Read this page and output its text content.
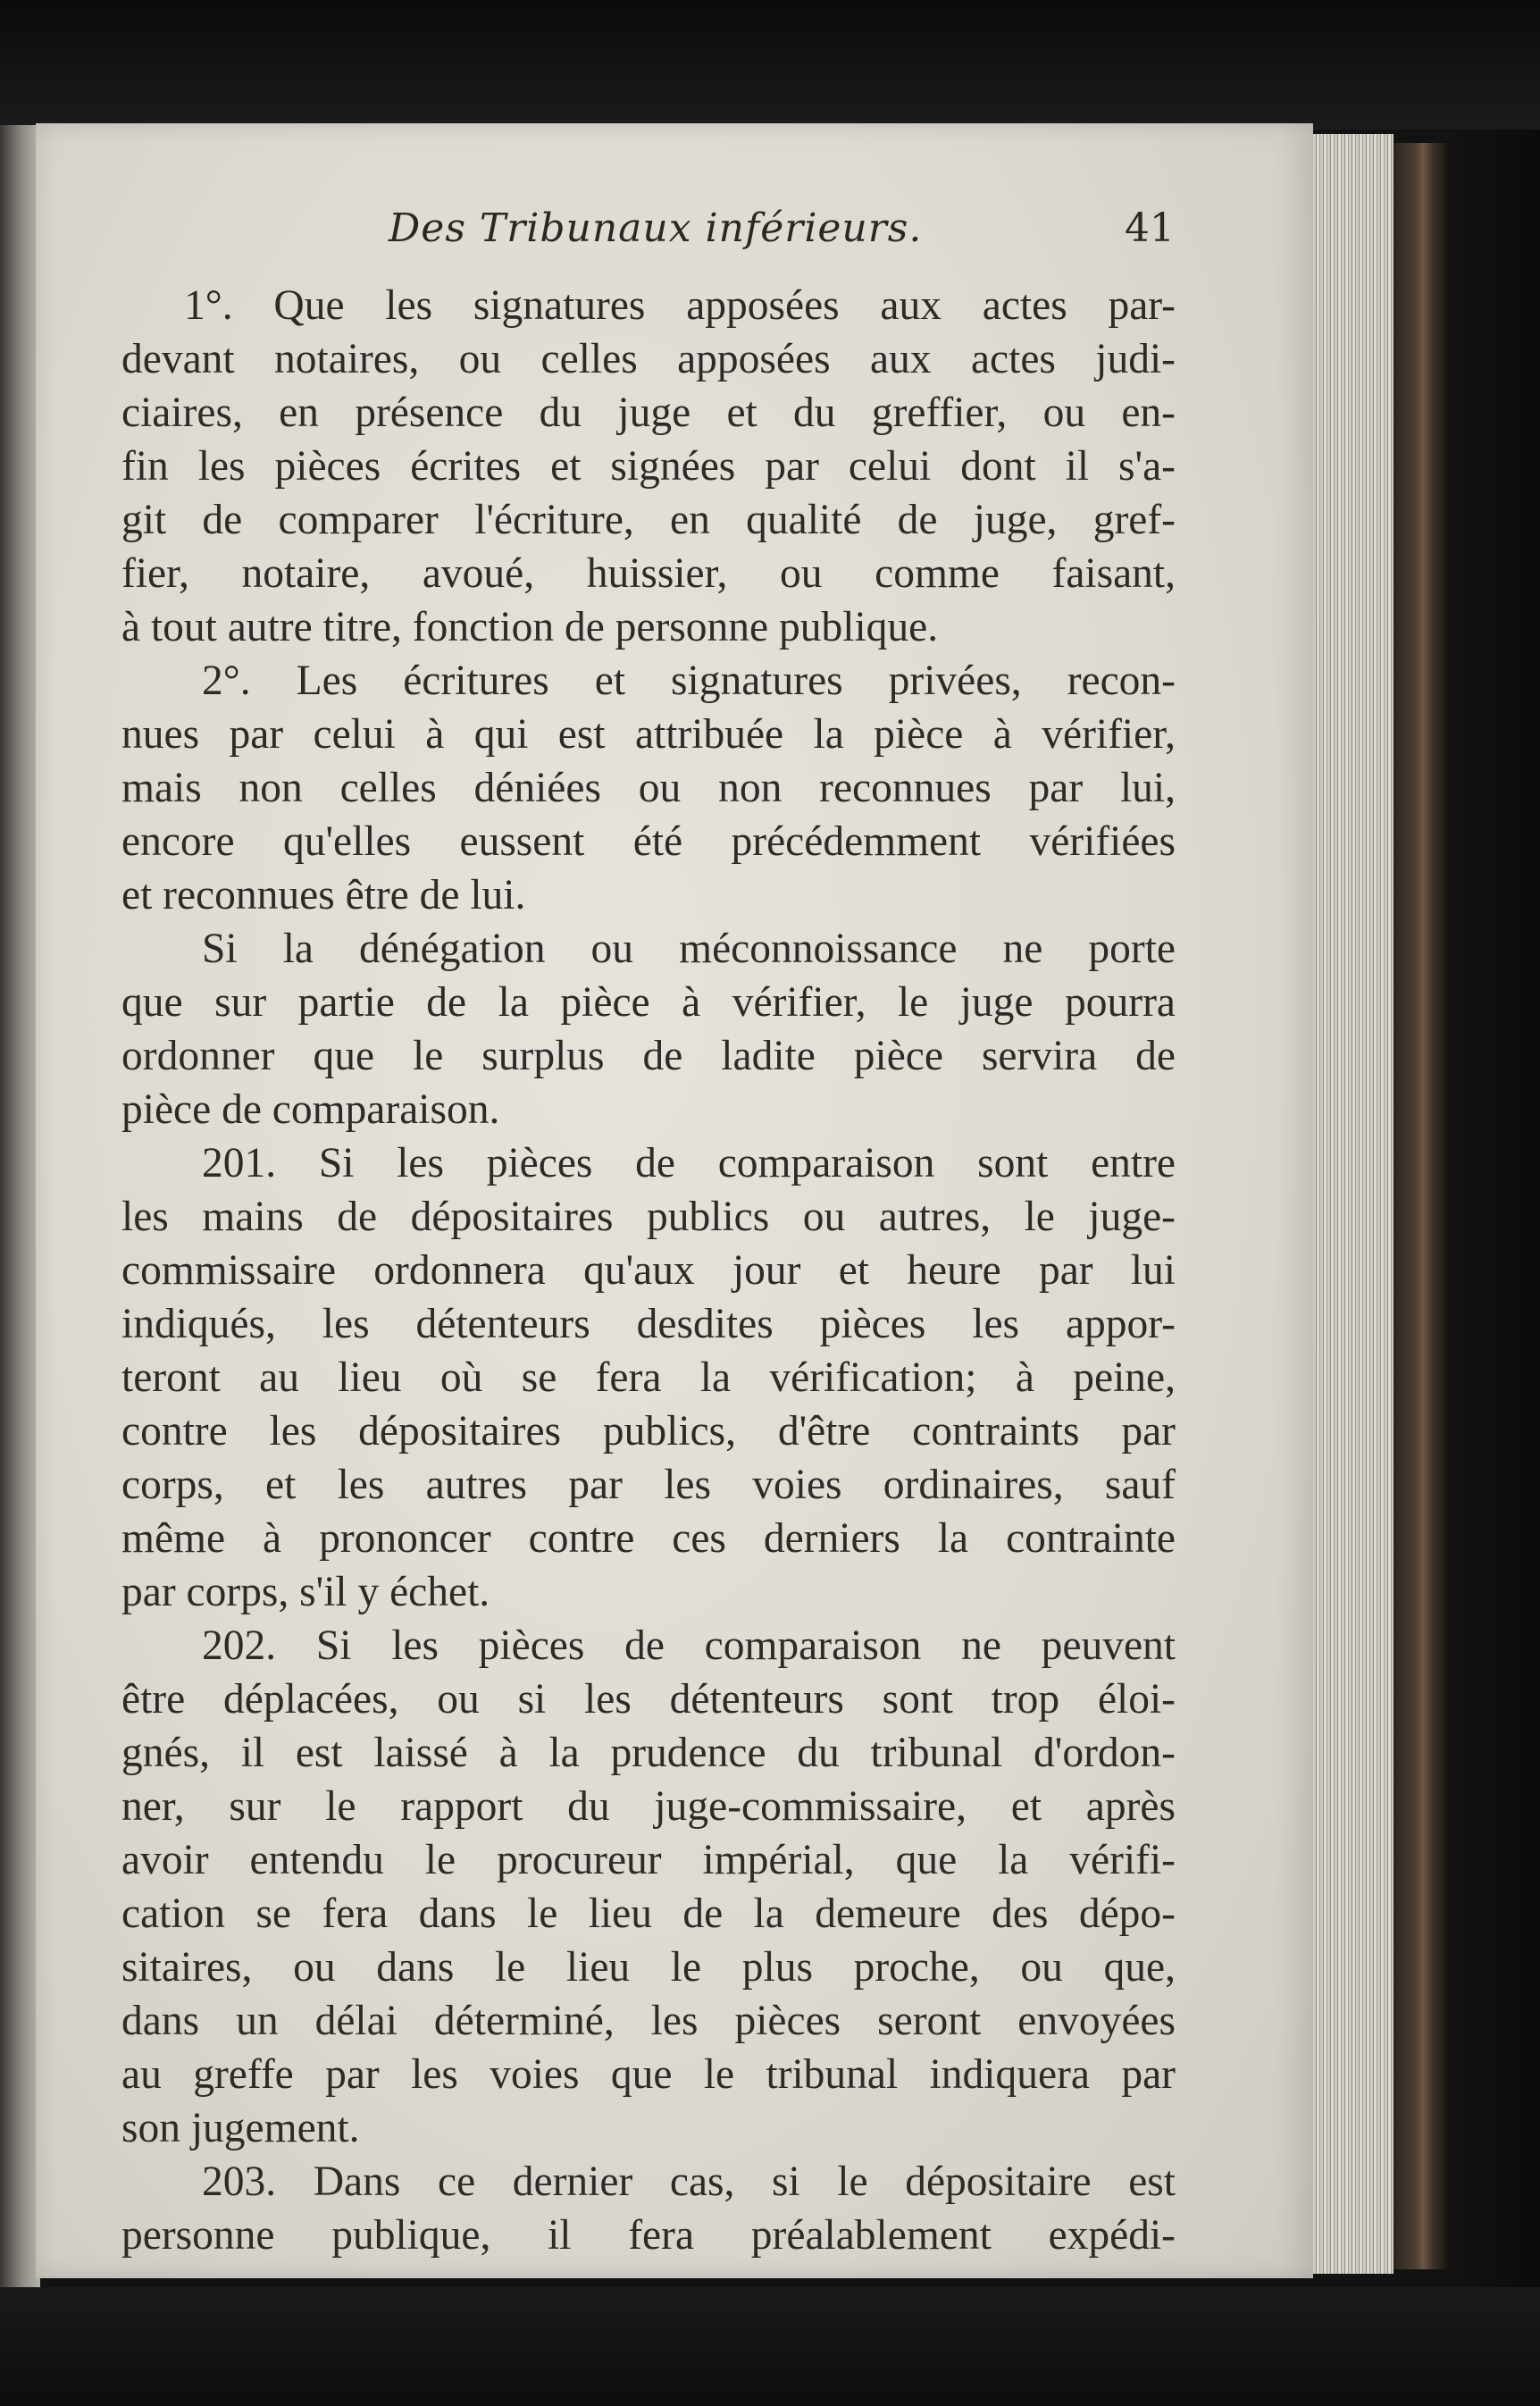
Des Tribunaux inférieurs.	41
1°. Que les signatures apposées aux actes par-
devant notaires, ou celles apposées aux actes judi-
ciaires, en présence du juge et du greffier, ou en-
fin les pièces écrites et signées par celui dont il s'a-
git de comparer l'écriture, en qualité de juge, gref-
fier, notaire, avoué, huissier, ou comme faisant,
à tout autre titre, fonction de personne publique.
2°. Les écritures et signatures privées, recon-
nues par celui à qui est attribuée la pièce à vérifier,
mais non celles déniées ou non reconnues par lui,
encore qu'elles eussent été précédemment vérifiées
et reconnues être de lui.
Si la dénégation ou méconnoissance ne porte
que sur partie de la pièce à vérifier, le juge pourra
ordonner que le surplus de ladite pièce servira de
pièce de comparaison.
201. Si les pièces de comparaison sont entre
les mains de dépositaires publics ou autres, le juge-
commissaire ordonnera qu'aux jour et heure par lui
indiqués, les détenteurs desdites pièces les appor-
teront au lieu où se fera la vérification; à peine,
contre les dépositaires publics, d'être contraints par
corps, et les autres par les voies ordinaires, sauf
même à prononcer contre ces derniers la contrainte
par corps, s'il y échet.
202. Si les pièces de comparaison ne peuvent
être déplacées, ou si les détenteurs sont trop éloi-
gnés, il est laissé à la prudence du tribunal d'ordon-
ner, sur le rapport du juge-commissaire, et après
avoir entendu le procureur impérial, que la vérifi-
cation se fera dans le lieu de la demeure des dépo-
sitaires, ou dans le lieu le plus proche, ou que,
dans un délai déterminé, les pièces seront envoyées
au greffe par les voies que le tribunal indiquera par
son jugement.
203. Dans ce dernier cas, si le dépositaire est
personne publique, il fera préalablement expédi-
